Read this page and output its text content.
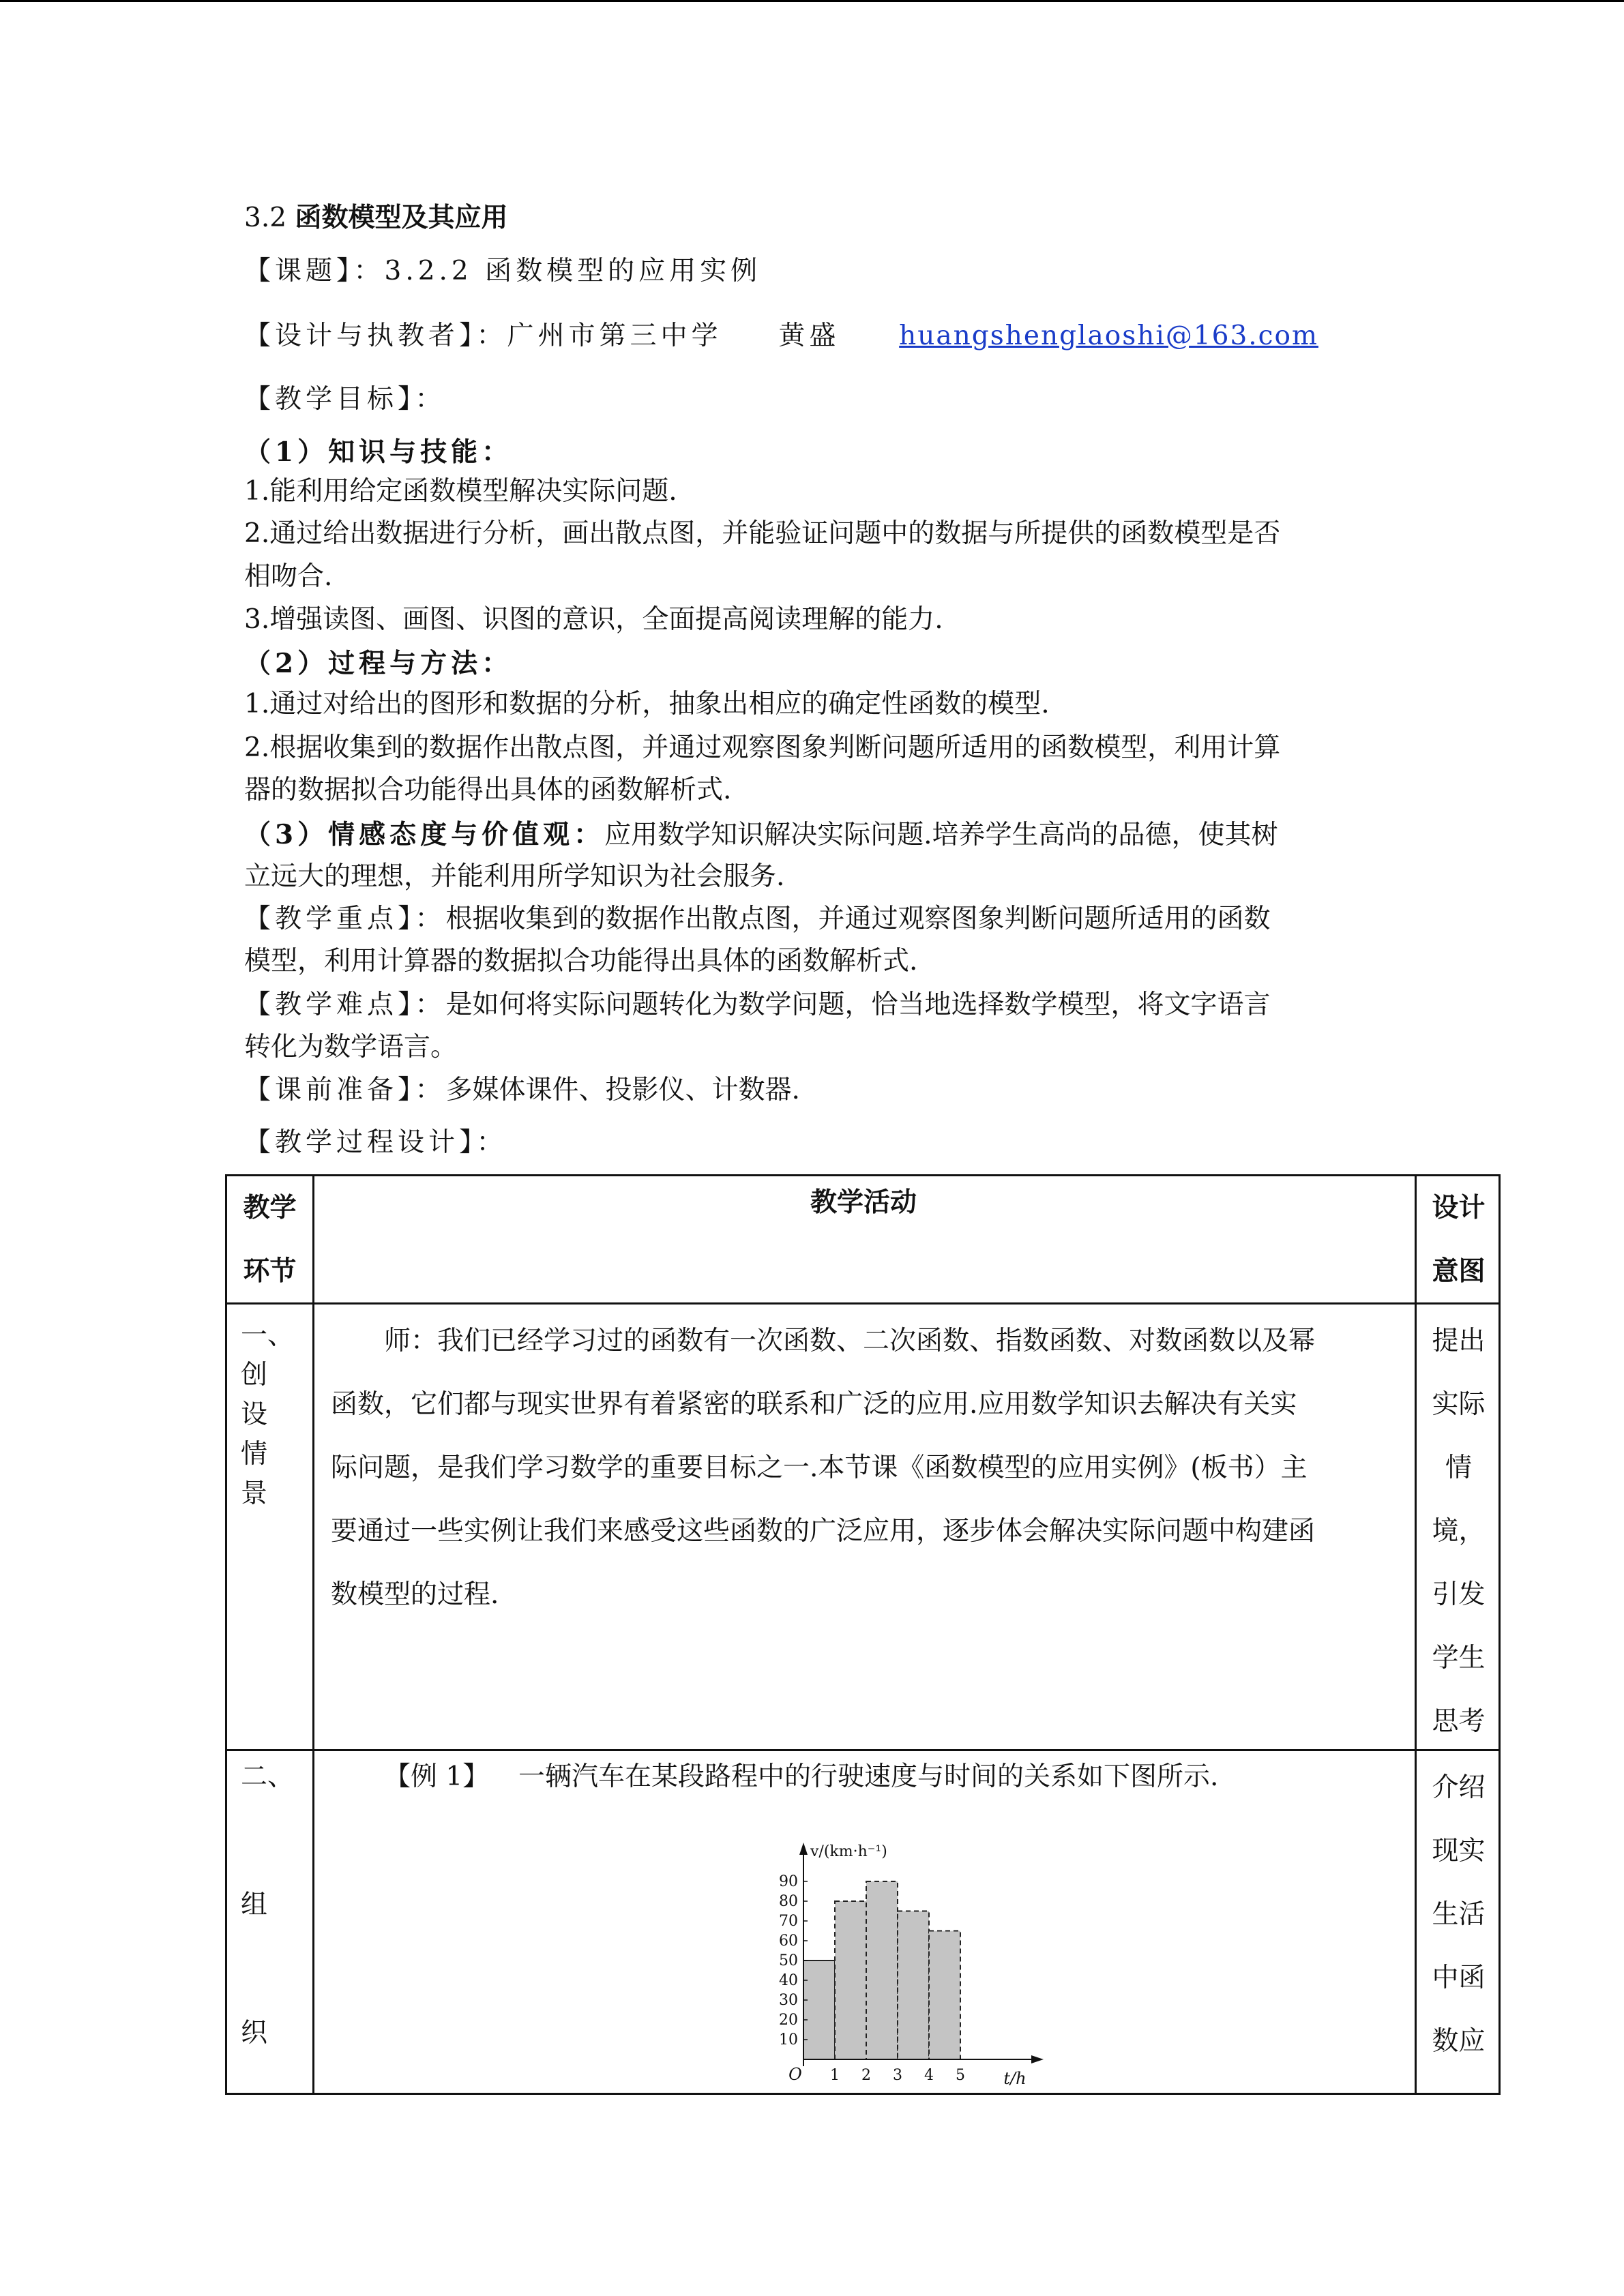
3.2 函数模型及其应用
【课题】：3.2.2 函数模型的应用实例
【设计与执教者】：广州市第三中学 黄盛 huangshenglaoshi@163.com
【教学目标】：
（1）知识与技能：
1.能利用给定函数模型解决实际问题.
2.通过给出数据进行分析，画出散点图，并能验证问题中的数据与所提供的函数模型是否
相吻合.
3.增强读图、画图、识图的意识，全面提高阅读理解的能力.
（2）过程与方法：
1.通过对给出的图形和数据的分析，抽象出相应的确定性函数的模型.
2.根据收集到的数据作出散点图，并通过观察图象判断问题所适用的函数模型，利用计算
器的数据拟合功能得出具体的函数解析式.
（3）情感态度与价值观：应用数学知识解决实际问题.培养学生高尚的品德，使其树
立远大的理想，并能利用所学知识为社会服务.
【教学重点】：根据收集到的数据作出散点图，并通过观察图象判断问题所适用的函数
模型，利用计算器的数据拟合功能得出具体的函数解析式.
【教学难点】：是如何将实际问题转化为数学问题，恰当地选择数学模型，将文字语言
转化为数学语言。
【课前准备】：多媒体课件、投影仪、计数器.
【教学过程设计】：
教学
环节
教学活动	设计
意图
一、
创
设
情
景
师：我们已经学习过的函数有一次函数、二次函数、指数函数、对数函数以及幂
函数，它们都与现实世界有着紧密的联系和广泛的应用.应用数学知识去解决有关实
际问题，是我们学习数学的重要目标之一.本节课《函数模型的应用实例》(板书）主
要通过一些实例让我们来感受这些函数的广泛应用，逐步体会解决实际问题中构建函
数模型的过程.
提出
实际
情
境，
引发
学生
思考
二、
组
织
【例 1】 一辆汽车在某段路程中的行驶速度与时间的关系如下图所示.
10
20
30
40
50
60
70
80
90
1 2 3 4 5
O	t/h
v/(km·h⁻¹)
介绍
现实
生活
中函
数应
